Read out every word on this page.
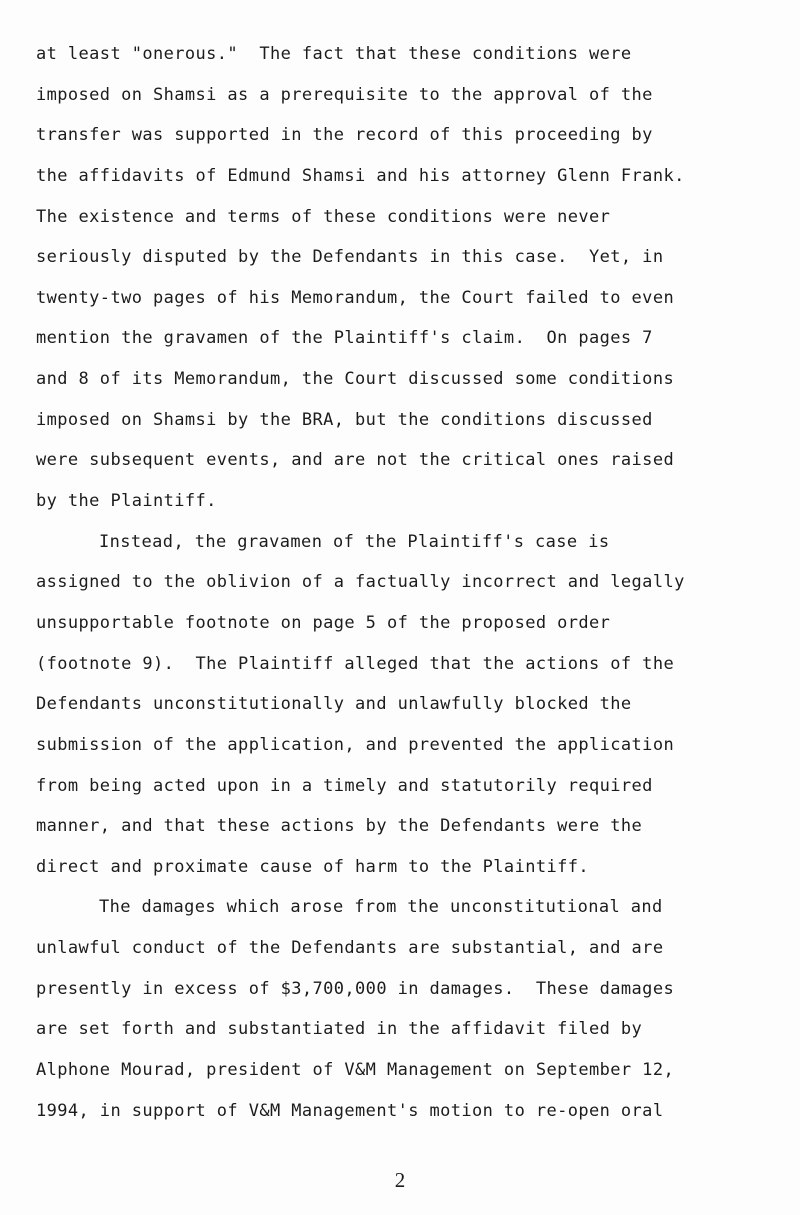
at least "onerous."  The fact that these conditions were
imposed on Shamsi as a prerequisite to the approval of the
transfer was supported in the record of this proceeding by
the affidavits of Edmund Shamsi and his attorney Glenn Frank.
The existence and terms of these conditions were never
seriously disputed by the Defendants in this case.  Yet, in
twenty-two pages of his Memorandum, the Court failed to even
mention the gravamen of the Plaintiff's claim.  On pages 7
and 8 of its Memorandum, the Court discussed some conditions
imposed on Shamsi by the BRA, but the conditions discussed
were subsequent events, and are not the critical ones raised
by the Plaintiff.
Instead, the gravamen of the Plaintiff's case is
assigned to the oblivion of a factually incorrect and legally
unsupportable footnote on page 5 of the proposed order
(footnote 9).  The Plaintiff alleged that the actions of the
Defendants unconstitutionally and unlawfully blocked the
submission of the application, and prevented the application
from being acted upon in a timely and statutorily required
manner, and that these actions by the Defendants were the
direct and proximate cause of harm to the Plaintiff.
The damages which arose from the unconstitutional and
unlawful conduct of the Defendants are substantial, and are
presently in excess of $3,700,000 in damages.  These damages
are set forth and substantiated in the affidavit filed by
Alphone Mourad, president of V&M Management on September 12,
1994, in support of V&M Management's motion to re-open oral
2
